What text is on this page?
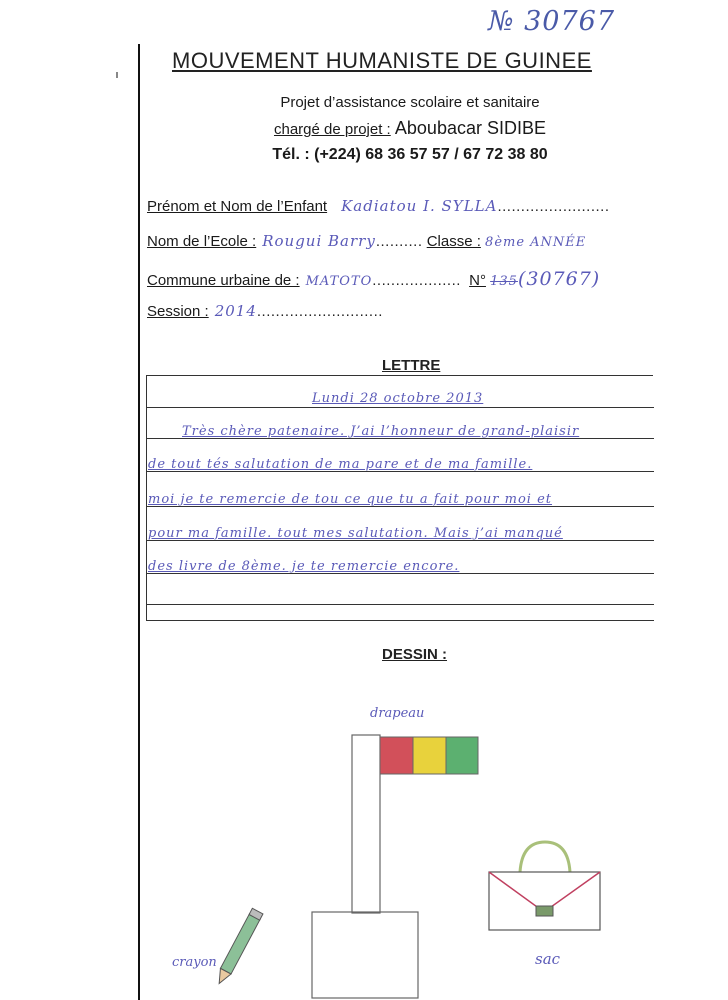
№ 30767
MOUVEMENT HUMANISTE DE GUINEE
Projet d’assistance scolaire et sanitaire
chargé de projet : Aboubacar SIDIBE
Tél. : (+224) 68 36 57 57 / 67 72 38 80
Prénom et Nom de l’Enfant Kadiatou I. SYLLA........................
Nom de l’Ecole : Rougui Barry.......... Classe : 8ème ANNÉE
Commune urbaine de : MATOTO................... N° 135(30767)
Session : 2014...........................
LETTRE
Lundi 28 octobre 2013
Très chère patenaire. J’ai l’honneur de grand-plaisir
de tout tés salutation de ma pare et de ma famille.
moi je te remercie de tou ce que tu a fait pour moi et
pour ma famille. tout mes salutation. Mais j’ai manqué
des livre de 8ème. je te remercie encore.
DESSIN :
drapeau
crayon	sac
